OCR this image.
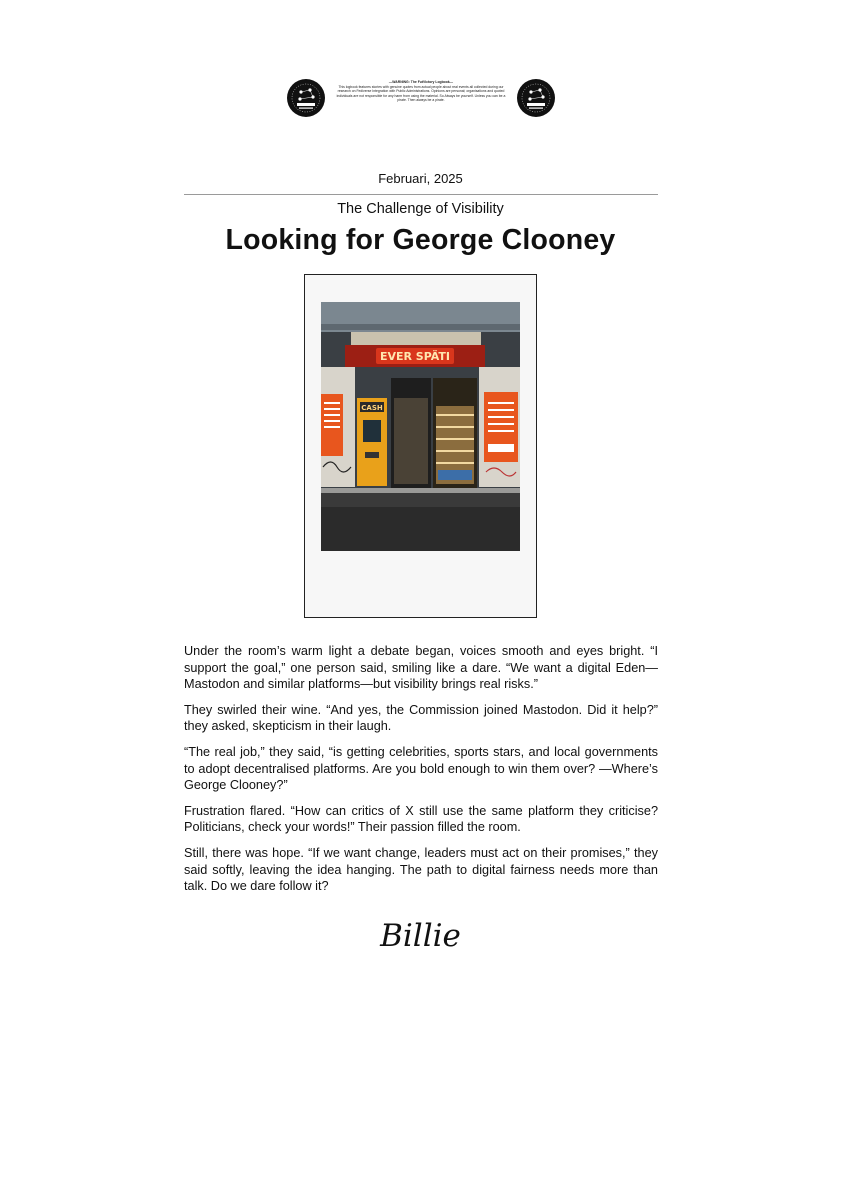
—WARNING: The FutVictory Logbook—
This logbook features stories with genuine quotes from actual people about real events all collected during our research on Fediverse Integration with Public Administrations. Opinions are personal; organisations and quoted individuals are not responsible for any harm from using the material. So Always be yourself. Unless you can be a pirate. Then always be a pirate.
Februari, 2025
The Challenge of Visibility
Looking for George Clooney
EVER SPÄTI
CASH

Under the room’s warm light a debate began, voices smooth and eyes bright. “I support the goal,” one person said, smiling like a dare. “We want a digital Eden—Mastodon and similar platforms—but visibility brings real risks.”

They swirled their wine. “And yes, the Commission joined Mastodon. Did it help?” they asked, skepticism in their laugh.

“The real job,” they said, “is getting celebrities, sports stars, and local governments to adopt decentralised platforms. Are you bold enough to win them over? —Where’s George Clooney?”

Frustration flared. “How can critics of X still use the same platform they criticise? Politicians, check your words!” Their passion filled the room.

Still, there was hope. “If we want change, leaders must act on their promises,” they said softly, leaving the idea hanging. The path to digital fairness needs more than talk. Do we dare follow it?

Billie
